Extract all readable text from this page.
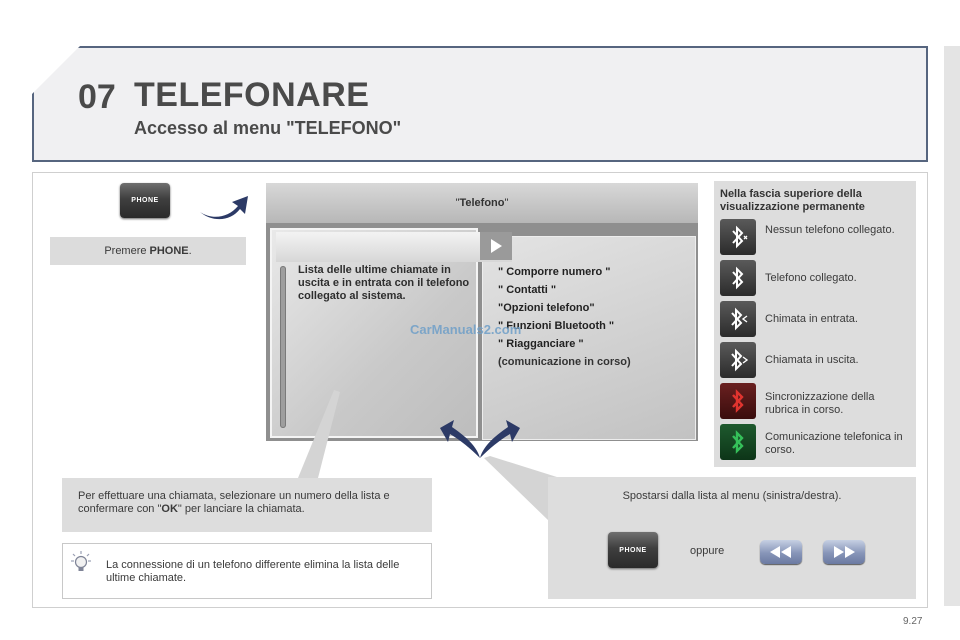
07 TELEFONARE
Accesso al menu "TELEFONO"
PHONE
Premere PHONE .
" Telefono "
Lista delle ultime chiamate in uscita e in entrata con il telefono collegato al sistema.
" Comporre numero "
" Contatti "
"Opzioni telefono"
" Funzioni Bluetooth "
" Riagganciare "
(comunicazione in corso)
CarManuals2.com
Nella fascia superiore della visualizzazione permanente
Nessun telefono collegato.
Telefono collegato.
Chimata in entrata.
Chiamata in uscita.
Sincronizzazione della rubrica in corso.
Comunicazione telefonica in corso.
Per effettuare una chiamata, selezionare un numero della lista e confermare con "OK" per lanciare la chiamata.
La connessione di un telefono differente elimina la lista delle ultime chiamate.
Spostarsi dalla lista al menu (sinistra/destra).
PHONE	oppure
9.27
